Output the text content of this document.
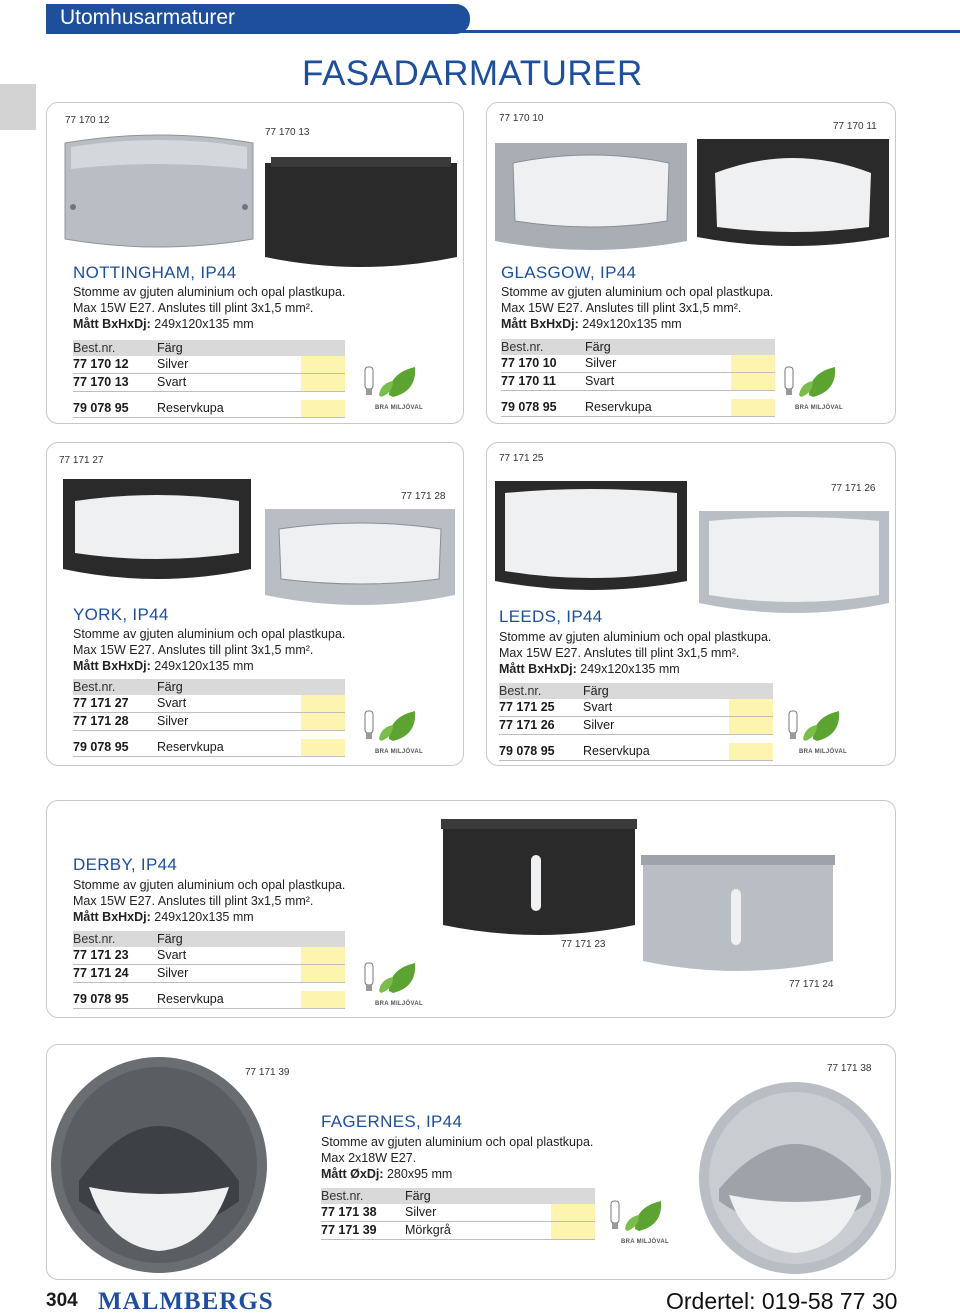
Utomhusarmaturer
FASADARMATURER
77 170 12
77 170 13
NOTTINGHAM, IP44
Stomme av gjuten aluminium och opal plastkupa.
Max 15W E27. Anslutes till plint 3x1,5 mm².
Mått BxHxDj: 249x120x135 mm
Best.nr.	Färg
77 170 12 Silver
77 170 13 Svart
79 078 95 Reservkupa	BRA MILJÖVAL
77 170 10
77 170 11
GLASGOW, IP44
Stomme av gjuten aluminium och opal plastkupa.
Max 15W E27. Anslutes till plint 3x1,5 mm².
Mått BxHxDj: 249x120x135 mm
Best.nr.	Färg
77 170 10 Silver
77 170 11 Svart
79 078 95 Reservkupa	BRA MILJÖVAL
77 171 27
77 171 28
YORK, IP44
Stomme av gjuten aluminium och opal plastkupa.
Max 15W E27. Anslutes till plint 3x1,5 mm².
Mått BxHxDj: 249x120x135 mm
Best.nr.	Färg
77 171 27 Svart
77 171 28 Silver
79 078 95 Reservkupa	BRA MILJÖVAL
77 171 25
77 171 26
LEEDS, IP44
Stomme av gjuten aluminium och opal plastkupa.
Max 15W E27. Anslutes till plint 3x1,5 mm².
Mått BxHxDj: 249x120x135 mm
Best.nr.	Färg
77 171 25 Svart
77 171 26 Silver
79 078 95 Reservkupa	BRA MILJÖVAL
DERBY, IP44
Stomme av gjuten aluminium och opal plastkupa.
Max 15W E27. Anslutes till plint 3x1,5 mm².
Mått BxHxDj: 249x120x135 mm
Best.nr.	Färg
77 171 23 Svart
77 171 24 Silver
79 078 95 Reservkupa	BRA MILJÖVAL
77 171 23
77 171 24
77 171 39	77 171 38
FAGERNES, IP44
Stomme av gjuten aluminium och opal plastkupa.
Max 2x18W E27.
Mått ØxDj: 280x95 mm
Best.nr.	Färg
77 171 38 Silver
77 171 39 Mörkgrå
BRA MILJÖVAL
304 MALMBERGS	Ordertel: 019-58 77 30
